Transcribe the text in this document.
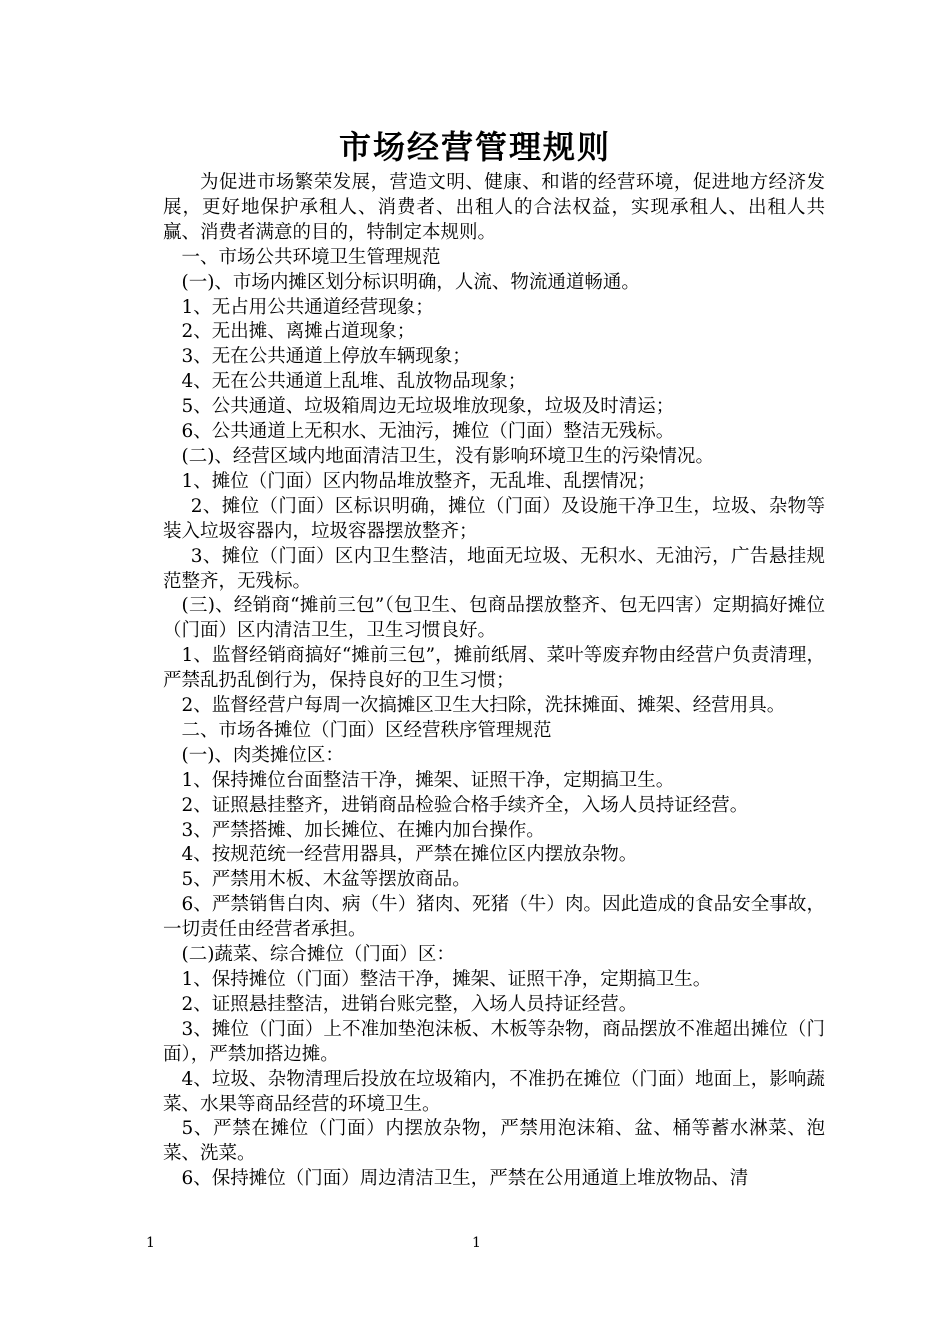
市场经营管理规则

为促进市场繁荣发展，营造文明、健康、和谐的经营环境，促进地方经济发展，更好地保护承租人、消费者、出租人的合法权益，实现承租人、出租人共赢、消费者满意的目的，特制定本规则。

一、市场公共环境卫生管理规范

(一)、市场内摊区划分标识明确，人流、物流通道畅通。

1、无占用公共通道经营现象；

2、无出摊、离摊占道现象；

3、无在公共通道上停放车辆现象；

4、无在公共通道上乱堆、乱放物品现象；

5、公共通道、垃圾箱周边无垃圾堆放现象，垃圾及时清运；

6、公共通道上无积水、无油污，摊位（门面）整洁无残标。

(二)、经营区域内地面清洁卫生，没有影响环境卫生的污染情况。

1、摊位（门面）区内物品堆放整齐，无乱堆、乱摆情况；

2、摊位（门面）区标识明确，摊位（门面）及设施干净卫生，垃圾、杂物等装入垃圾容器内，垃圾容器摆放整齐；

3、摊位（门面）区内卫生整洁，地面无垃圾、无积水、无油污，广告悬挂规范整齐，无残标。

(三)、经销商“摊前三包”（包卫生、包商品摆放整齐、包无四害）定期搞好摊位（门面）区内清洁卫生，卫生习惯良好。

1、监督经销商搞好“摊前三包”，摊前纸屑、菜叶等废弃物由经营户负责清理，严禁乱扔乱倒行为，保持良好的卫生习惯；

2、监督经营户每周一次搞摊区卫生大扫除，洗抹摊面、摊架、经营用具。

二、市场各摊位（门面）区经营秩序管理规范

(一)、肉类摊位区：

1、保持摊位台面整洁干净，摊架、证照干净，定期搞卫生。

2、证照悬挂整齐，进销商品检验合格手续齐全，入场人员持证经营。

3、严禁搭摊、加长摊位、在摊内加台操作。

4、按规范统一经营用器具，严禁在摊位区内摆放杂物。

5、严禁用木板、木盆等摆放商品。

6、严禁销售白肉、病（牛）猪肉、死猪（牛）肉。因此造成的食品安全事故，一切责任由经营者承担。

(二)蔬菜、综合摊位（门面）区：

1、保持摊位（门面）整洁干净，摊架、证照干净，定期搞卫生。

2、证照悬挂整洁，进销台账完整，入场人员持证经营。

3、摊位（门面）上不准加垫泡沫板、木板等杂物，商品摆放不准超出摊位（门面），严禁加搭边摊。

4、垃圾、杂物清理后投放在垃圾箱内，不准扔在摊位（门面）地面上，影响蔬菜、水果等商品经营的环境卫生。

5、严禁在摊位（门面）内摆放杂物，严禁用泡沫箱、盆、桶等蓄水淋菜、泡菜、洗菜。

6、保持摊位（门面）周边清洁卫生，严禁在公用通道上堆放物品、清

1	1
